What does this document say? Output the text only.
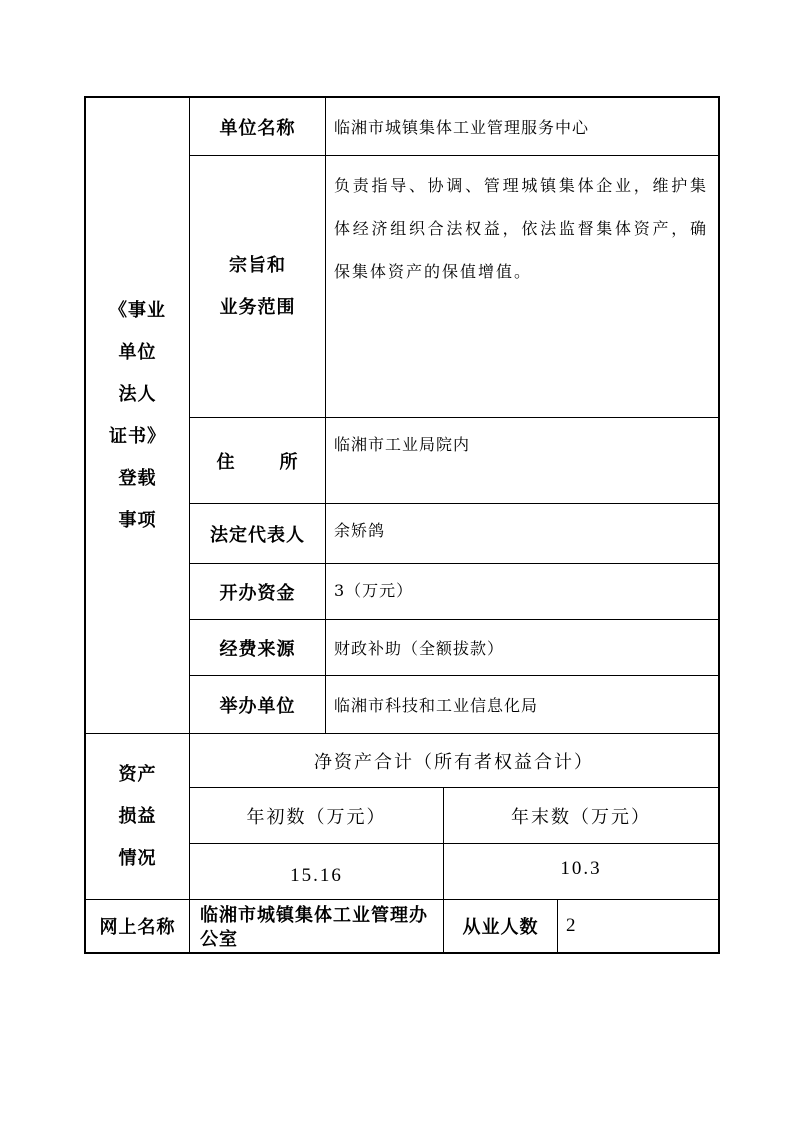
《事业
单位
法人
证书》
登载
事项
单位名称 临湘市城镇集体工业管理服务中心
宗旨和
业务范围
负责指导、协调、管理城镇集体企业，维护集体经济组织合法权益，依法监督集体资产，确保集体资产的保值增值。
住 所
临湘市工业局院内
法定代表人 余矫鸽
开办资金 3（万元）
经费来源 财政补助（全额拔款）
举办单位 临湘市科技和工业信息化局
资产
损益
情况
净资产合计（所有者权益合计）
年初数（万元）	年末数（万元）
15.16	10.3
网上名称
临湘市城镇集体工业管理办公室
从业人数 2
